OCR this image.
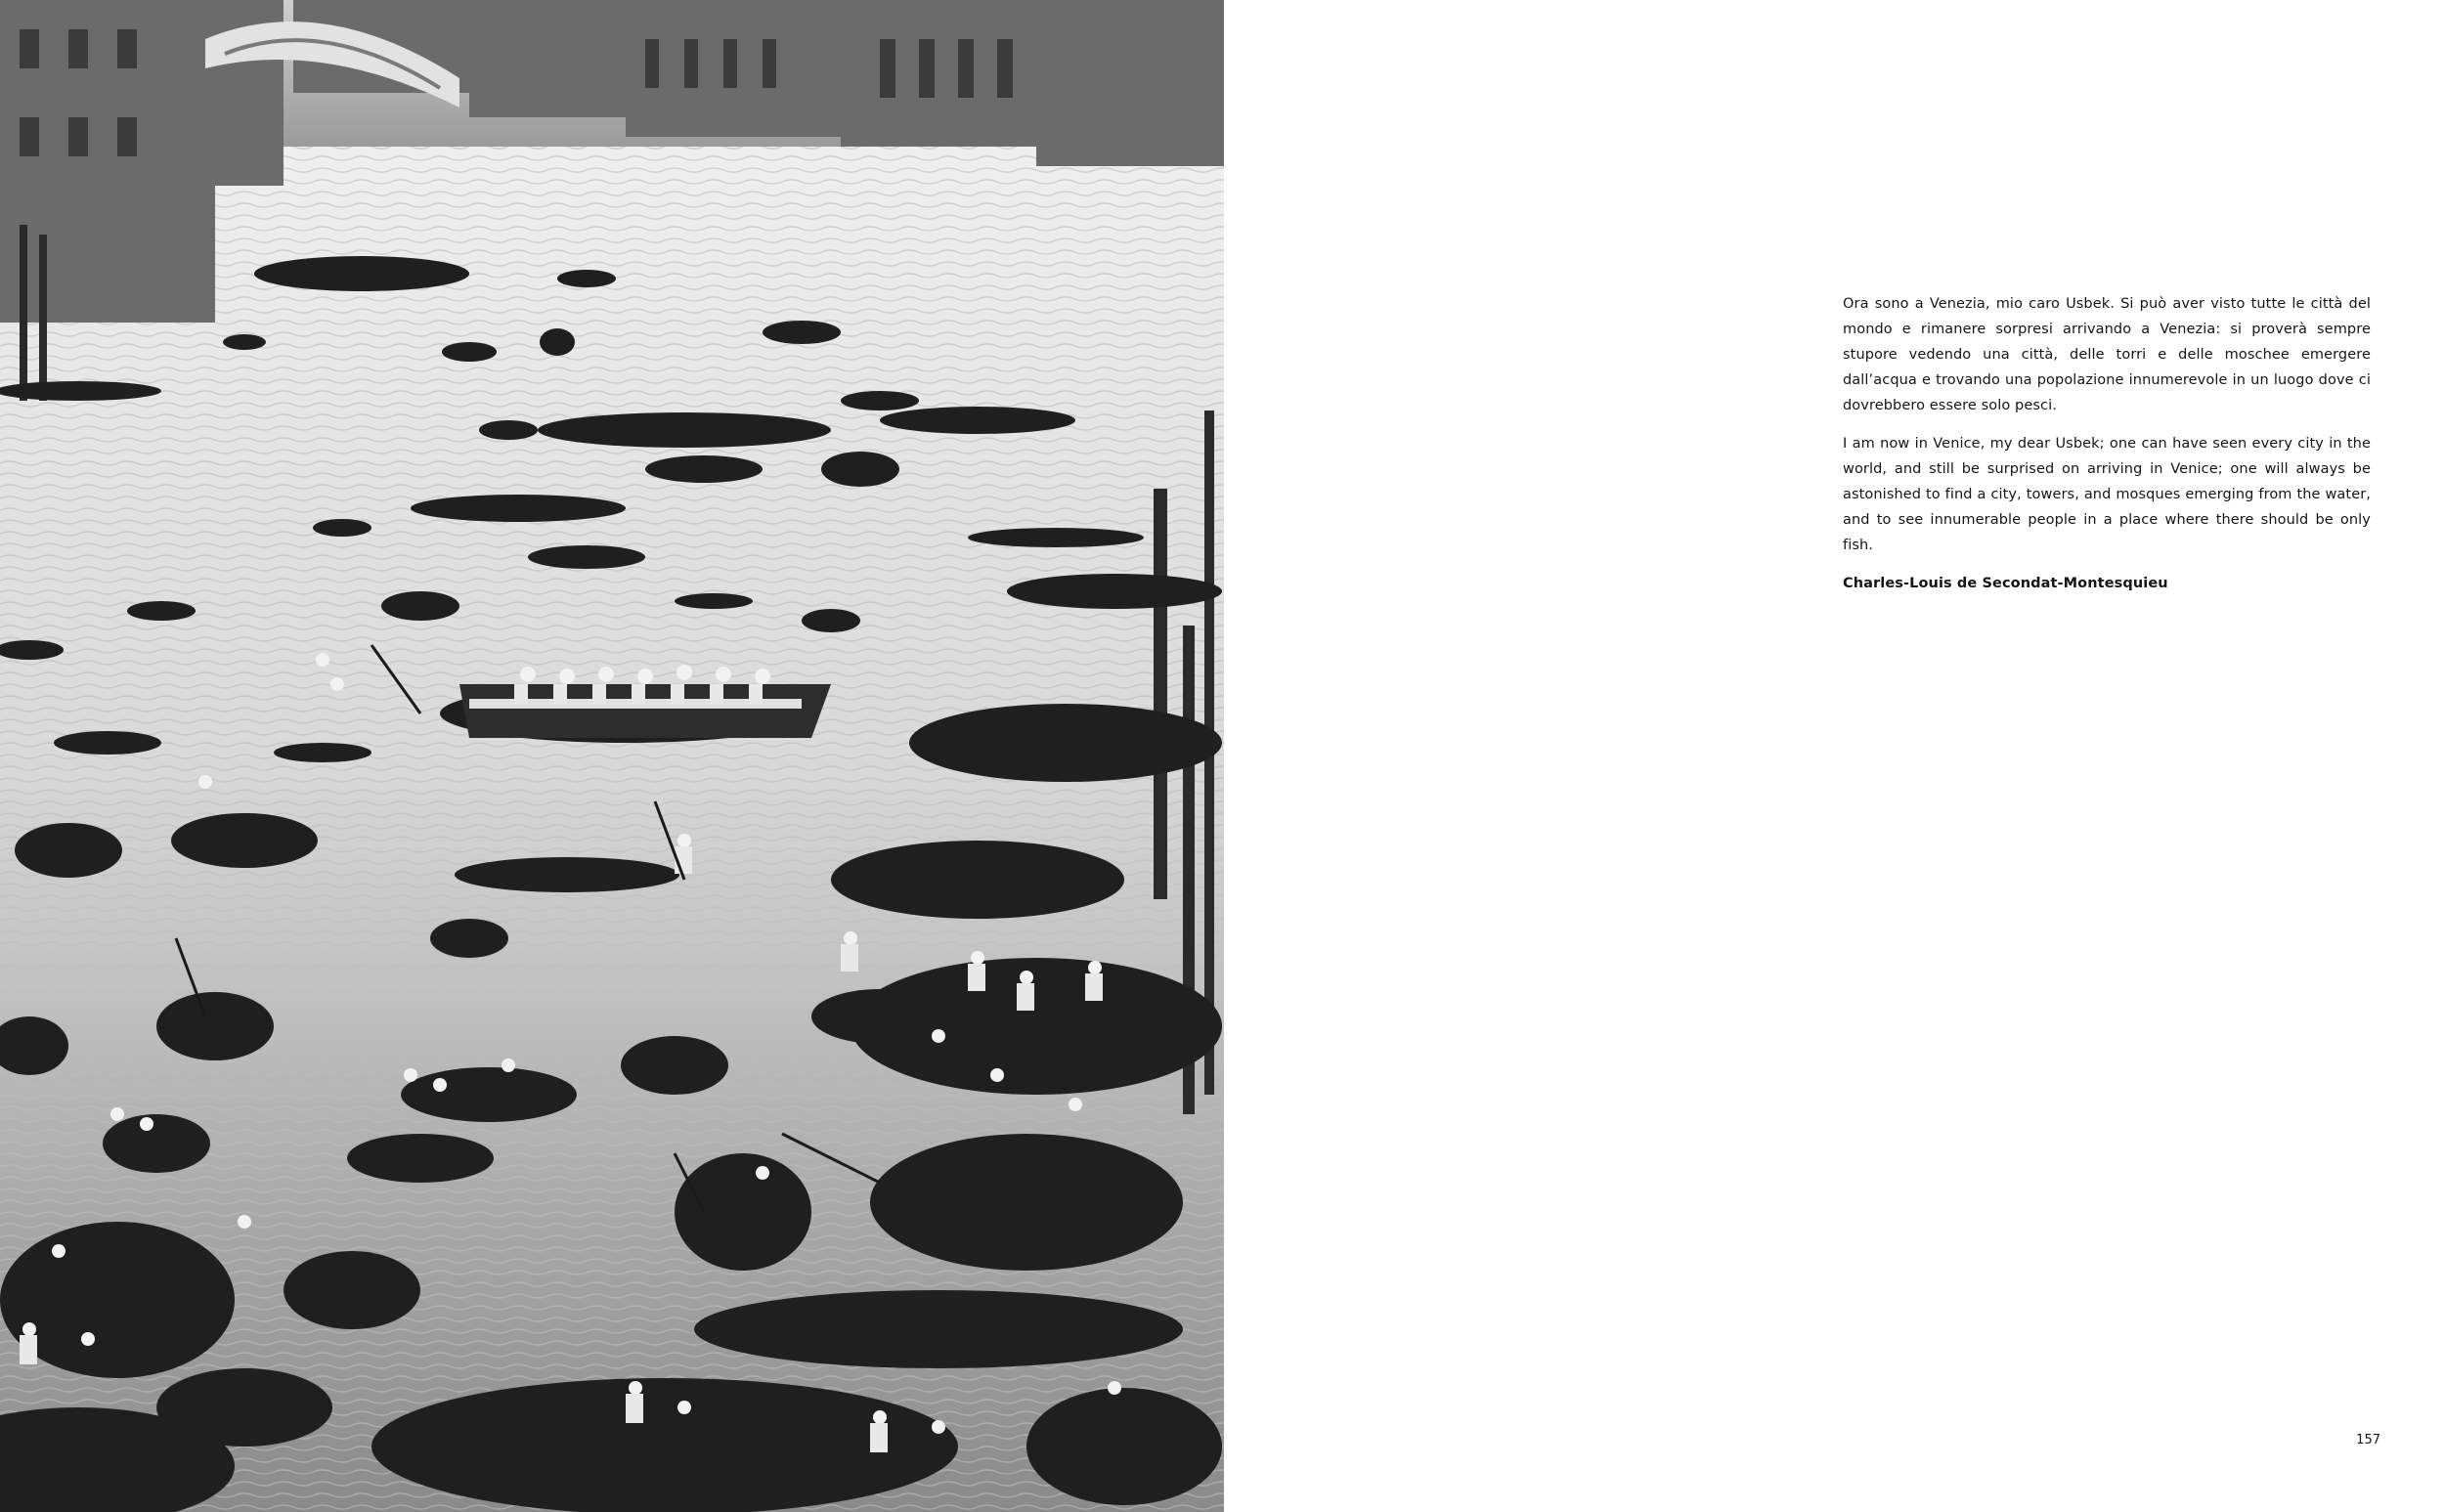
Ora sono a Venezia, mio caro Usbek. Si può aver visto tutte le città del mondo e rimanere sorpresi arrivando a Venezia: si proverà sempre stupore vedendo una città, delle torri e delle moschee emergere dall’acqua e trovando una popolazione innumerevole in un luogo dove ci dovrebbero essere solo pesci.

I am now in Venice, my dear Usbek; one can have seen every city in the world, and still be surprised on arriving in Venice; one will always be astonished to find a city, towers, and mosques emerging from the water, and to see innumerable people in a place where there should be only fish.

Charles-Louis de Secondat-Montesquieu

157
